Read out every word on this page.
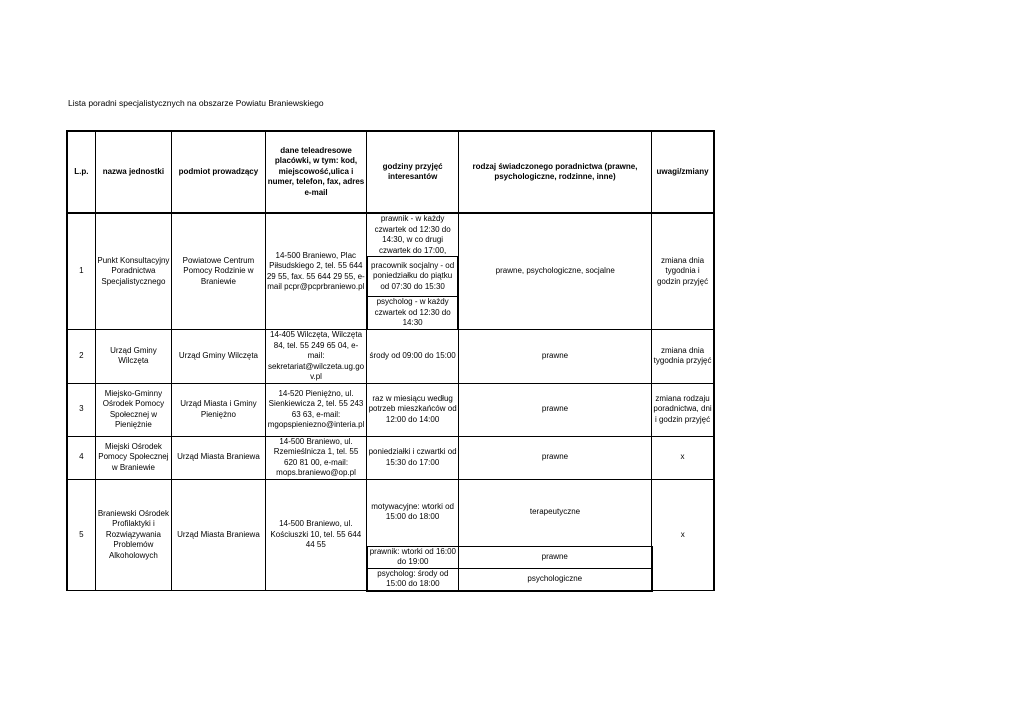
Lista poradni specjalistycznych na obszarze Powiatu Braniewskiego
L.p.	nazwa jednostki	podmiot prowadzący	dane teleadresowe placówki, w tym: kod, miejscowość,ulica i numer, telefon, fax, adres e-mail	godziny przyjęć interesantów	rodzaj świadczonego poradnictwa (prawne, psychologiczne, rodzinne, inne)	uwagi/zmiany
1	Punkt Konsultacyjny Poradnictwa Specjalistycznego	Powiatowe Centrum Pomocy Rodzinie w Braniewie	14-500 Braniewo, Plac Piłsudskiego 2, tel. 55 644 29 55, fax. 55 644 29 55, e-mail pcpr@pcprbraniewo.pl	prawnik - w każdy czwartek od 12:30 do 14:30, w co drugi czwartek do 17:00,	prawne, psychologiczne, socjalne	zmiana dnia tygodnia i godzin przyjęć
				pracownik socjalny - od poniedziałku do piątku od 07:30 do 15:30		
				psycholog - w każdy czwartek od 12:30 do 14:30		
2	Urząd Gminy Wilczęta	Urząd Gminy Wilczęta	14-405 Wilczęta, Wilczęta 84, tel. 55 249 65 04, e-mail: sekretariat@wilczeta.ug.gov.pl	środy od 09:00 do 15:00	prawne	zmiana dnia tygodnia przyjęć
3	Miejsko-Gminny Ośrodek Pomocy Społecznej w Pieniężnie	Urząd Miasta i Gminy Pieniężno	14-520 Pieniężno, ul. Sienkiewicza 2, tel. 55 243 63 63, e-mail: mgopspieniezno@interia.pl	raz w miesiącu według potrzeb mieszkańców od 12:00 do 14:00	prawne	zmiana rodzaju poradnictwa, dni i godzin przyjęć
4	Miejski Ośrodek Pomocy Społecznej w Braniewie	Urząd Miasta Braniewa	14-500 Braniewo, ul. Rzemieślnicza 1, tel. 55 620 81 00, e-mail: mops.braniewo@op.pl	poniedziałki i czwartki od 15:30 do 17:00	prawne	x
5	Braniewski Ośrodek Profilaktyki i Rozwiązywania Problemów Alkoholowych	Urząd Miasta Braniewa	14-500 Braniewo, ul. Kościuszki 10, tel. 55 644 44 55	motywacyjne: wtorki od 15:00 do 18:00	terapeutyczne	x
				prawnik: wtorki od 16:00 do 19:00	prawne	
				psycholog: środy od 15:00 do 18:00	psychologiczne	
